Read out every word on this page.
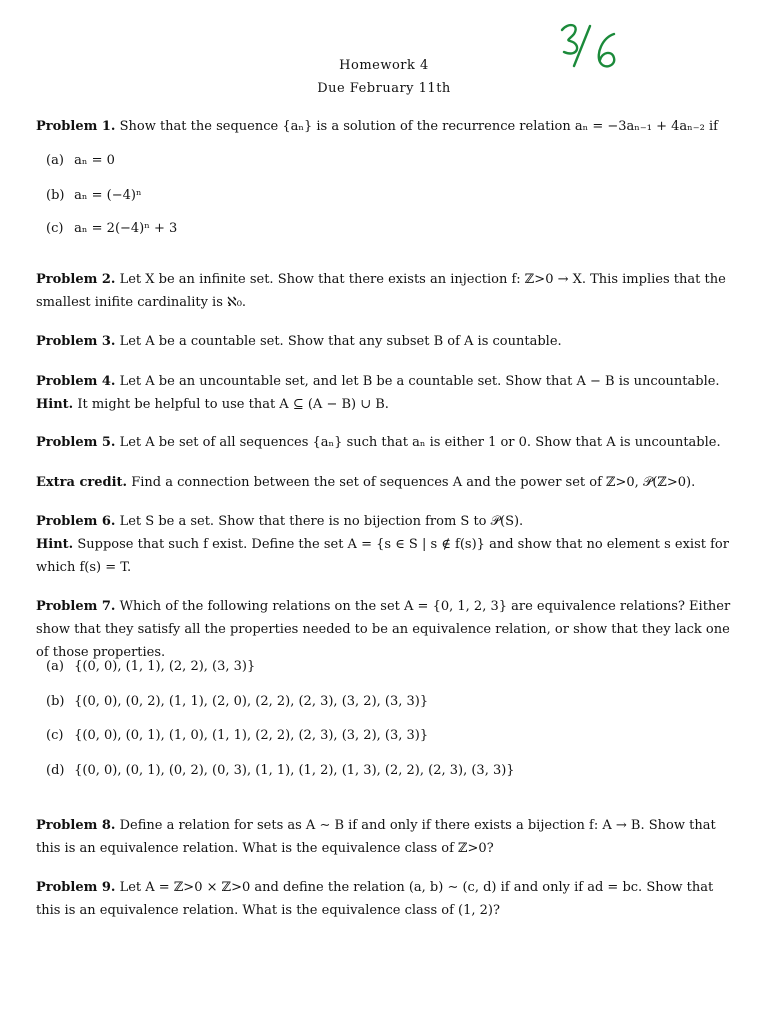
Homework 4
Due February 11th
Problem 1. Show that the sequence {aₙ} is a solution of the recurrence relation aₙ = −3aₙ₋₁ + 4aₙ₋₂ if
(a) aₙ = 0
(b) aₙ = (−4)ⁿ
(c) aₙ = 2(−4)ⁿ + 3
Problem 2. Let X be an infinite set. Show that there exists an injection f: ℤ>0 → X. This implies that the smallest inifite cardinality is ℵ₀.
Problem 3. Let A be a countable set. Show that any subset B of A is countable.
Problem 4. Let A be an uncountable set, and let B be a countable set. Show that A − B is uncountable.
Hint. It might be helpful to use that A ⊆ (A − B) ∪ B.
Problem 5. Let A be set of all sequences {aₙ} such that aₙ is either 1 or 0. Show that A is uncountable.
Extra credit. Find a connection between the set of sequences A and the power set of ℤ>0, 𝒫(ℤ>0).
Problem 6. Let S be a set. Show that there is no bijection from S to 𝒫(S).
Hint. Suppose that such f exist. Define the set A = {s ∈ S | s ∉ f(s)} and show that no element s exist for which f(s) = T.
Problem 7. Which of the following relations on the set A = {0, 1, 2, 3} are equivalence relations? Either show that they satisfy all the properties needed to be an equivalence relation, or show that they lack one of those properties.
(a) {(0, 0), (1, 1), (2, 2), (3, 3)}
(b) {(0, 0), (0, 2), (1, 1), (2, 0), (2, 2), (2, 3), (3, 2), (3, 3)}
(c) {(0, 0), (0, 1), (1, 0), (1, 1), (2, 2), (2, 3), (3, 2), (3, 3)}
(d) {(0, 0), (0, 1), (0, 2), (0, 3), (1, 1), (1, 2), (1, 3), (2, 2), (2, 3), (3, 3)}
Problem 8. Define a relation for sets as A ∼ B if and only if there exists a bijection f: A → B. Show that this is an equivalence relation. What is the equivalence class of ℤ>0?
Problem 9. Let A = ℤ>0 × ℤ>0 and define the relation (a, b) ∼ (c, d) if and only if ad = bc. Show that this is an equivalence relation. What is the equivalence class of (1, 2)?
